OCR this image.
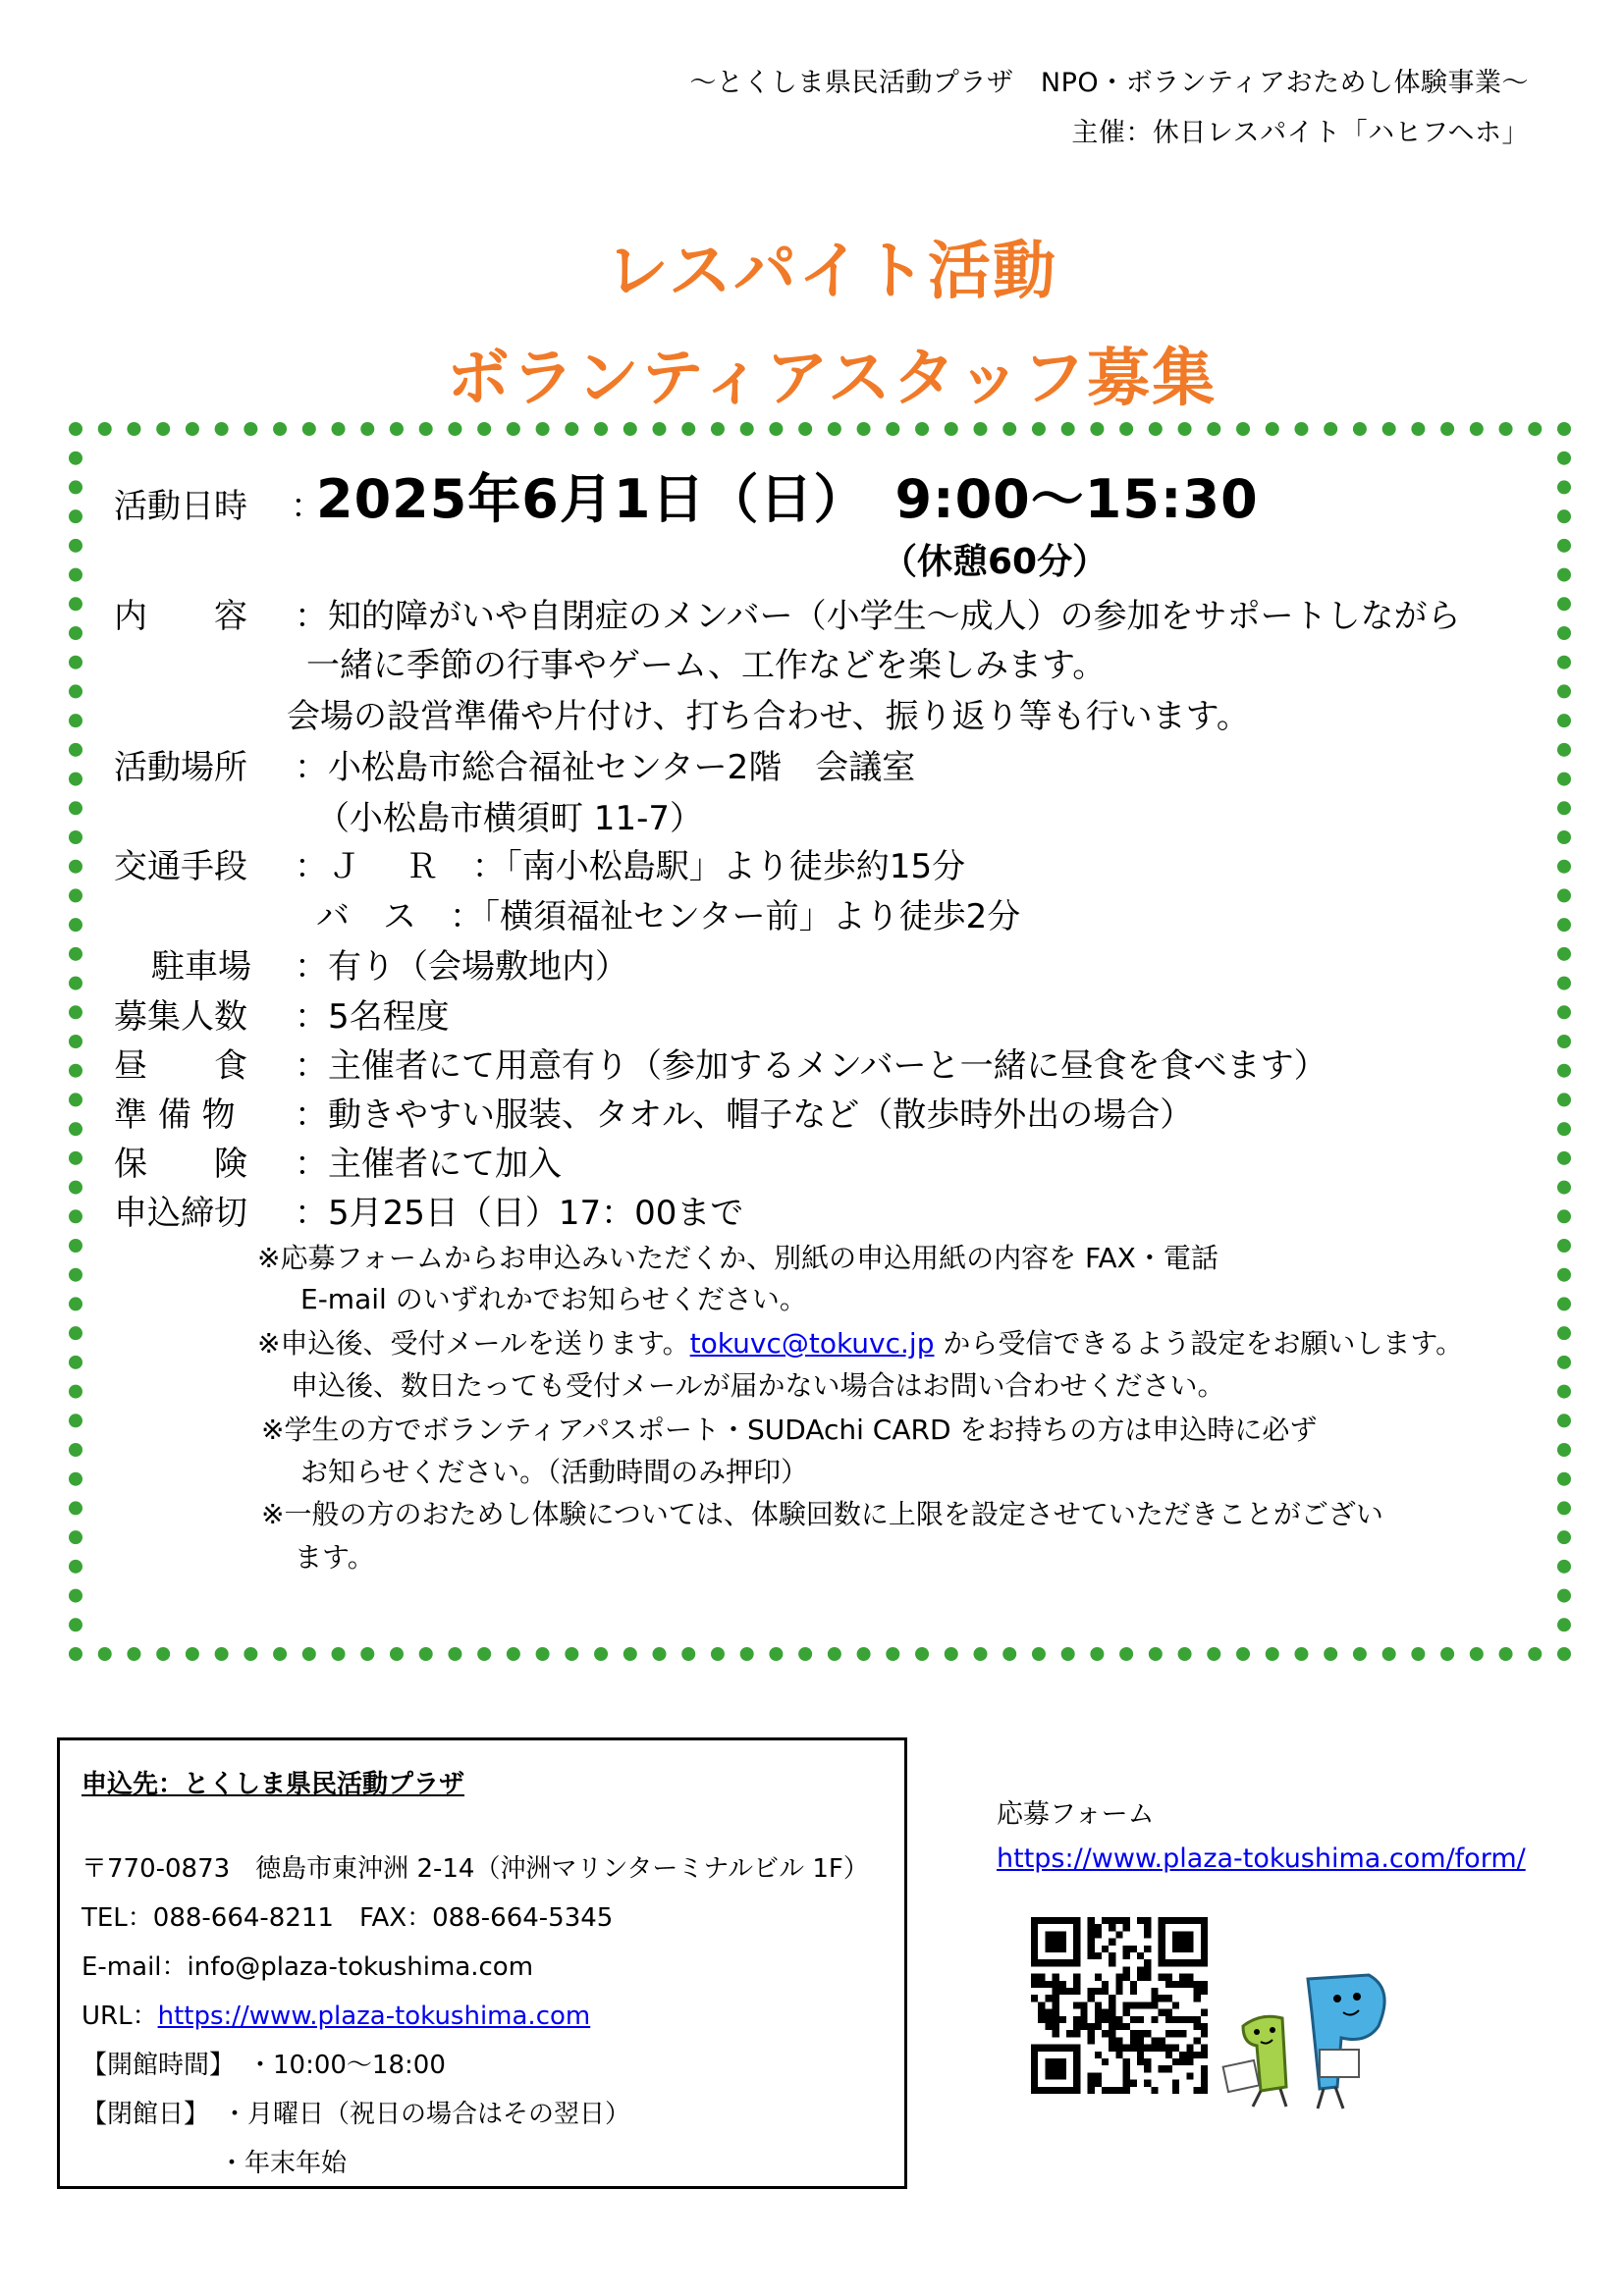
〜とくしま県民活動プラザ　NPO・ボランティアおためし体験事業〜
主催：休日レスパイト「ハヒフヘホ」
レスパイト活動
ボランティアスタッフ募集
活動日時 ：
2025年6月1日（日）　9:00〜15:30
（休憩60分）
内　　容 ：知的障がいや自閉症のメンバー（小学生〜成人）の参加をサポートしながら
一緒に季節の行事やゲーム、工作などを楽しみます。
会場の設営準備や片付け、打ち合わせ、振り返り等も行います。
活動場所 ：小松島市総合福祉センター2階　会議室
（小松島市横須町 11-7）
交通手段 ：Ｊ　 Ｒ　：「南小松島駅」より徒歩約15分
バ　ス　：「横須福祉センター前」より徒歩2分
駐車場 ：有り（会場敷地内）
募集人数 ：5名程度
昼　　食 ：主催者にて用意有り（参加するメンバーと一緒に昼食を食べます）
準 備 物 ：動きやすい服装、タオル、帽子など（散歩時外出の場合）
保　　険 ：主催者にて加入
申込締切 ：5月25日（日）17：00まで
※応募フォームからお申込みいただくか、別紙の申込用紙の内容を FAX・電話
E-mail のいずれかでお知らせください。
※申込後、受付メールを送ります。tokuvc@tokuvc.jp から受信できるよう設定をお願いします。
申込後、数日たっても受付メールが届かない場合はお問い合わせください。
※学生の方でボランティアパスポート・SUDAchi CARD をお持ちの方は申込時に必ず
お知らせください。（活動時間のみ押印）
※一般の方のおためし体験については、体験回数に上限を設定させていただきことがござい
ます。
申込先：とくしま県民活動プラザ
〒770-0873　徳島市東沖洲 2-14（沖洲マリンターミナルビル 1F）
TEL：088-664-8211　FAX：088-664-5345
E-mail：info@plaza-tokushima.com
URL：https://www.plaza-tokushima.com
【開館時間】　・10:00〜18:00
【閉館日】　・月曜日（祝日の場合はその翌日）
・年末年始
応募フォーム
https://www.plaza-tokushima.com/form/
